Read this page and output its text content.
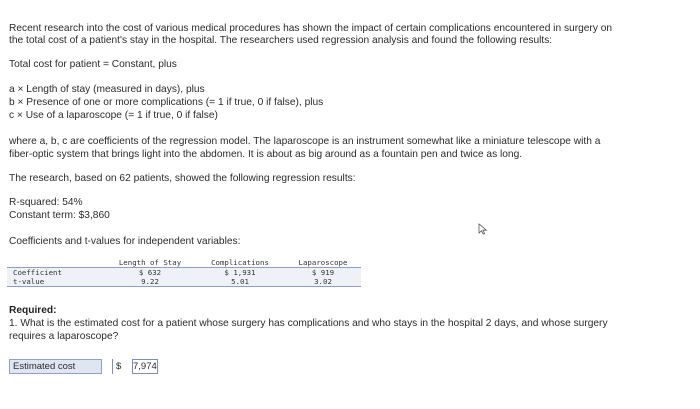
Recent research into the cost of various medical procedures has shown the impact of certain complications encountered in surgery on
the total cost of a patient's stay in the hospital. The researchers used regression analysis and found the following results:
Total cost for patient = Constant, plus
a × Length of stay (measured in days), plus
b × Presence of one or more complications (= 1 if true, 0 if false), plus
c × Use of a laparoscope (= 1 if true, 0 if false)
where a, b, c are coefficients of the regression model. The laparoscope is an instrument somewhat like a miniature telescope with a
fiber-optic system that brings light into the abdomen. It is about as big around as a fountain pen and twice as long.
The research, based on 62 patients, showed the following regression results:
R-squared: 54%
Constant term: $3,860
Coefficients and t-values for independent variables:
	Length of Stay	Complications	Laparoscope
Coefficient	$ 632	$ 1,931	$ 919
t-value	9.22	5.01	3.02
Required:
1. What is the estimated cost for a patient whose surgery has complications and who stays in the hospital 2 days, and whose surgery
requires a laparoscope?
Estimated cost	$	7,974
